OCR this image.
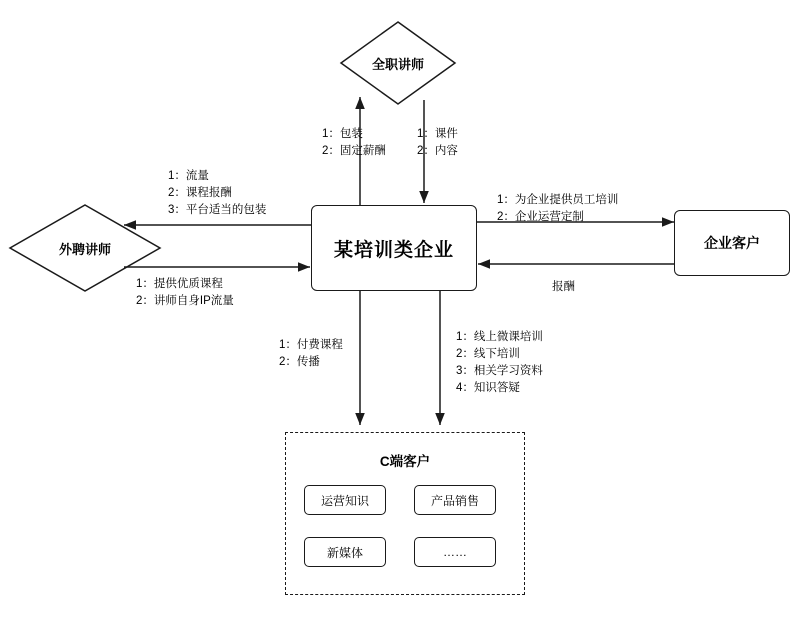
某培训类企业	企业客户
全职讲师
外聘讲师
1：包装
2：固定薪酬
1：课件
2：内容
1：流量
2：课程报酬
3：平台适当的包装
1：提供优质课程
2：讲师自身IP流量
1：为企业提供员工培训
2：企业运营定制
报酬
1：付费课程
2：传播
1：线上微课培训
2：线下培训
3：相关学习资料
4：知识答疑
C端客户
运营知识	产品销售
新媒体	……
